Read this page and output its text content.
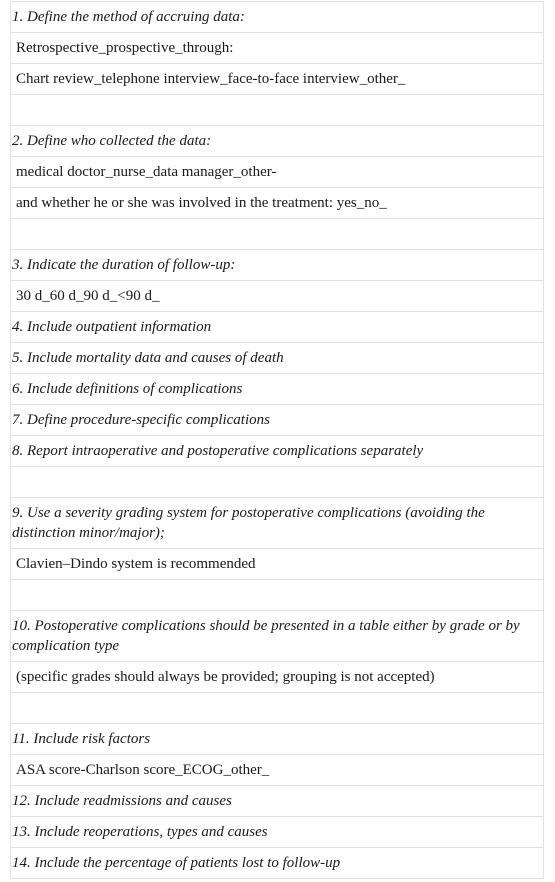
1. Define the method of accruing data:
Retrospective_prospective_through:
Chart review_telephone interview_face-to-face interview_other_
2. Define who collected the data:
medical doctor_nurse_data manager_other-
and whether he or she was involved in the treatment: yes_no_
3. Indicate the duration of follow-up:
30 d_60 d_90 d_<90 d_
4. Include outpatient information
5. Include mortality data and causes of death
6. Include definitions of complications
7. Define procedure-specific complications
8. Report intraoperative and postoperative complications separately
9. Use a severity grading system for postoperative complications (avoiding the distinction minor/major);
Clavien–Dindo system is recommended
10. Postoperative complications should be presented in a table either by grade or by complication type
(specific grades should always be provided; grouping is not accepted)
11. Include risk factors
ASA score-Charlson score_ECOG_other_
12. Include readmissions and causes
13. Include reoperations, types and causes
14. Include the percentage of patients lost to follow-up
